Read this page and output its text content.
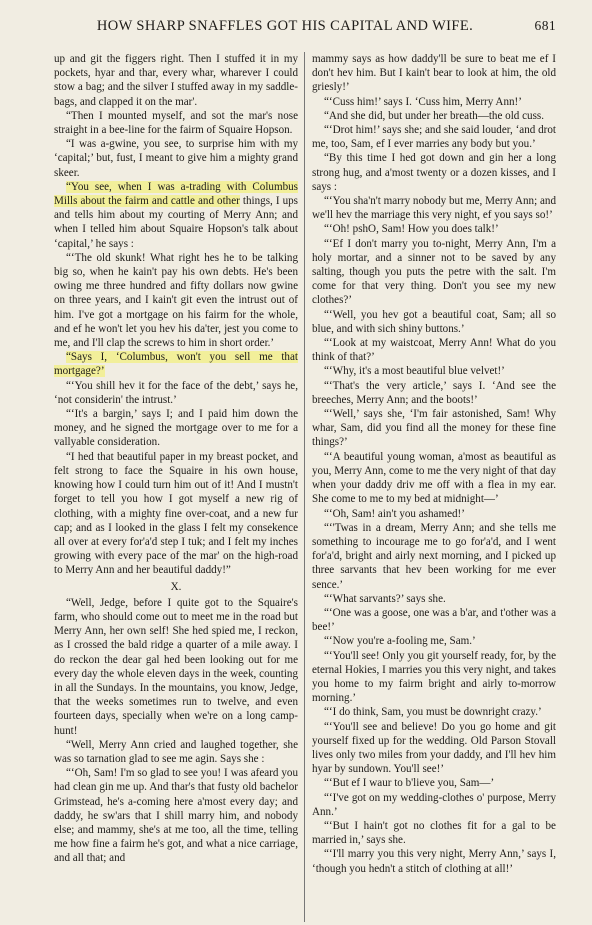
HOW SHARP SNAFFLES GOT HIS CAPITAL AND WIFE.	681

up and git the figgers right. Then I stuffed it in my pockets, hyar and thar, every whar, wharever I could stow a bag; and the silver I stuffed away in my saddle-bags, and clapped it on the mar'.

“Then I mounted myself, and sot the mar's nose straight in a bee-line for the fairm of Squaire Hopson.

“I was a-gwine, you see, to surprise him with my ‘capital;’ but, fust, I meant to give him a mighty grand skeer.

“You see, when I was a-trading with Columbus Mills about the fairm and cattle and other things, I ups and tells him about my courting of Merry Ann; and when I telled him about Squaire Hopson's talk about ‘capital,’ he says :

“‘The old skunk! What right hes he to be talking big so, when he kain't pay his own debts. He's been owing me three hundred and fifty dollars now gwine on three years, and I kain't git even the intrust out of him. I've got a mortgage on his fairm for the whole, and ef he won't let you hev his da'ter, jest you come to me, and I'll clap the screws to him in short order.’

“Says I, ‘Columbus, won't you sell me that mortgage?’

“‘You shill hev it for the face of the debt,’ says he, ‘not considerin' the intrust.’

“‘It's a bargin,’ says I; and I paid him down the money, and he signed the mortgage over to me for a vallyable consideration.

“I hed that beautiful paper in my breast pocket, and felt strong to face the Squaire in his own house, knowing how I could turn him out of it! And I mustn't forget to tell you how I got myself a new rig of clothing, with a mighty fine over-coat, and a new fur cap; and as I looked in the glass I felt my consekence all over at every for'a'd step I tuk; and I felt my inches growing with every pace of the mar' on the high-road to Merry Ann and her beautiful daddy!”

X.

“Well, Jedge, before I quite got to the Squaire's farm, who should come out to meet me in the road but Merry Ann, her own self! She hed spied me, I reckon, as I crossed the bald ridge a quarter of a mile away. I do reckon the dear gal hed been looking out for me every day the whole eleven days in the week, counting in all the Sundays. In the mountains, you know, Jedge, that the weeks sometimes run to twelve, and even fourteen days, specially when we're on a long camp-hunt!

“Well, Merry Ann cried and laughed together, she was so tarnation glad to see me agin. Says she :

“‘Oh, Sam! I'm so glad to see you! I was afeard you had clean gin me up. And thar's that fusty old bachelor Grimstead, he's a-coming here a'most every day; and daddy, he sw'ars that I shill marry him, and nobody else; and mammy, she's at me too, all the time, telling me how fine a fairm he's got, and what a nice carriage, and all that; and

mammy says as how daddy'll be sure to beat me ef I don't hev him. But I kain't bear to look at him, the old griesly!’

“‘Cuss him!’ says I. ‘Cuss him, Merry Ann!’

“And she did, but under her breath—the old cuss.

“‘Drot him!’ says she; and she said louder, ‘and drot me, too, Sam, ef I ever marries any body but you.’

“By this time I hed got down and gin her a long strong hug, and a'most twenty or a dozen kisses, and I says :

“‘You sha'n't marry nobody but me, Merry Ann; and we'll hev the marriage this very night, ef you says so!’

“‘Oh! pshO, Sam! How you does talk!’

“‘Ef I don't marry you to-night, Merry Ann, I'm a holy mortar, and a sinner not to be saved by any salting, though you puts the petre with the salt. I'm come for that very thing. Don't you see my new clothes?’

“‘Well, you hev got a beautiful coat, Sam; all so blue, and with sich shiny buttons.’

“‘Look at my waistcoat, Merry Ann! What do you think of that?’

“‘Why, it's a most beautiful blue velvet!’

“‘That's the very article,’ says I. ‘And see the breeches, Merry Ann; and the boots!’

“‘Well,’ says she, ‘I'm fair astonished, Sam! Why whar, Sam, did you find all the money for these fine things?’

“‘A beautiful young woman, a'most as beautiful as you, Merry Ann, come to me the very night of that day when your daddy driv me off with a flea in my ear. She come to me to my bed at midnight—’

“‘Oh, Sam! ain't you ashamed!’

“‘'Twas in a dream, Merry Ann; and she tells me something to incourage me to go for'a'd, and I went for'a'd, bright and airly next morning, and I picked up three sarvants that hev been working for me ever sence.’

“‘What sarvants?’ says she.

“‘One was a goose, one was a b'ar, and t'other was a bee!’

“‘Now you're a-fooling me, Sam.’

“‘You'll see! Only you git yourself ready, for, by the eternal Hokies, I marries you this very night, and takes you home to my fairm bright and airly to-morrow morning.’

“‘I do think, Sam, you must be downright crazy.’

“‘You'll see and believe! Do you go home and git yourself fixed up for the wedding. Old Parson Stovall lives only two miles from your daddy, and I'll hev him hyar by sundown. You'll see!’

“‘But ef I waur to b'lieve you, Sam—’

“‘I've got on my wedding-clothes o' purpose, Merry Ann.’

“‘But I hain't got no clothes fit for a gal to be married in,’ says she.

“‘I'll marry you this very night, Merry Ann,’ says I, ‘though you hedn't a stitch of clothing at all!’
